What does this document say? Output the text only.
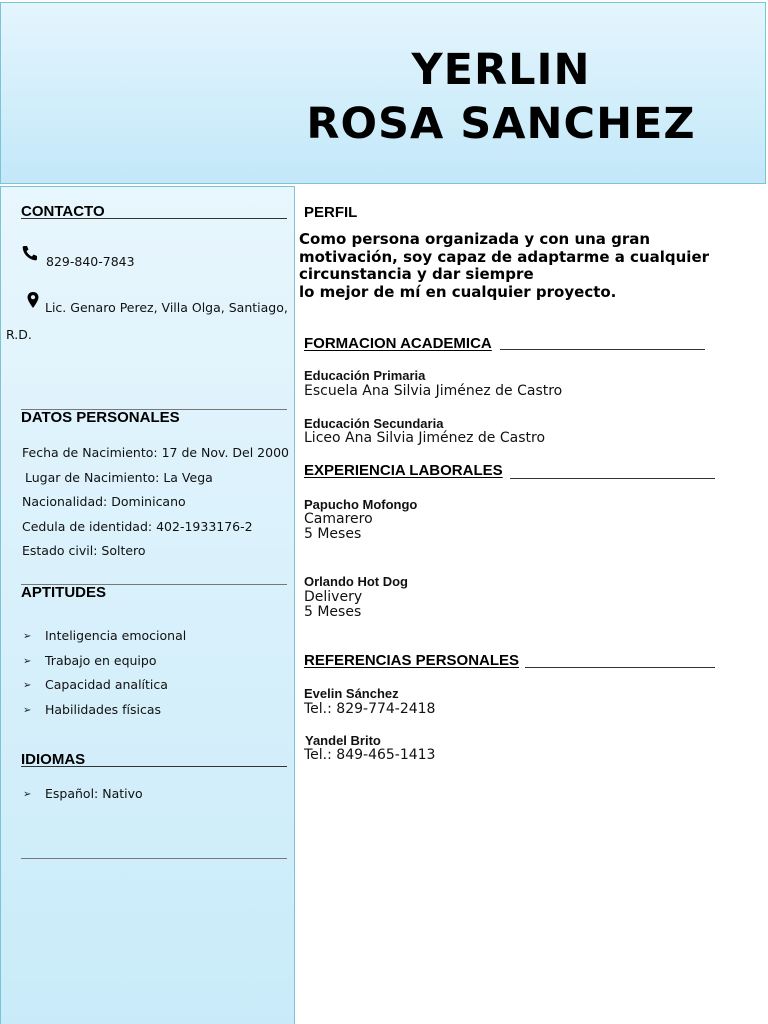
YERLIN
ROSA SANCHEZ
CONTACTO
829-840-7843
Lic. Genaro Perez, Villa Olga, Santiago,
R.D.
DATOS PERSONALES
Fecha de Nacimiento: 17 de Nov. Del 2000
Lugar de Nacimiento: La Vega
Nacionalidad: Dominicano
Cedula de identidad: 402-1933176-2
Estado civil: Soltero
APTITUDES
➢ Inteligencia emocional
➢ Trabajo en equipo
➢ Capacidad analítica
➢ Habilidades físicas
IDIOMAS
➢ Español: Nativo
PERFIL
Como persona organizada y con una gran
motivación, soy capaz de adaptarme a cualquier
circunstancia y dar siempre
lo mejor de mí en cualquier proyecto.
FORMACION ACADEMICA
Educación Primaria
Escuela Ana Silvia Jiménez de Castro
Educación Secundaria
Liceo Ana Silvia Jiménez de Castro
EXPERIENCIA LABORALES
Papucho Mofongo
Camarero
5 Meses
Orlando Hot Dog
Delivery
5 Meses
REFERENCIAS PERSONALES
Evelin Sánchez
Tel.: 829-774-2418
Yandel Brito
Tel.: 849-465-1413
